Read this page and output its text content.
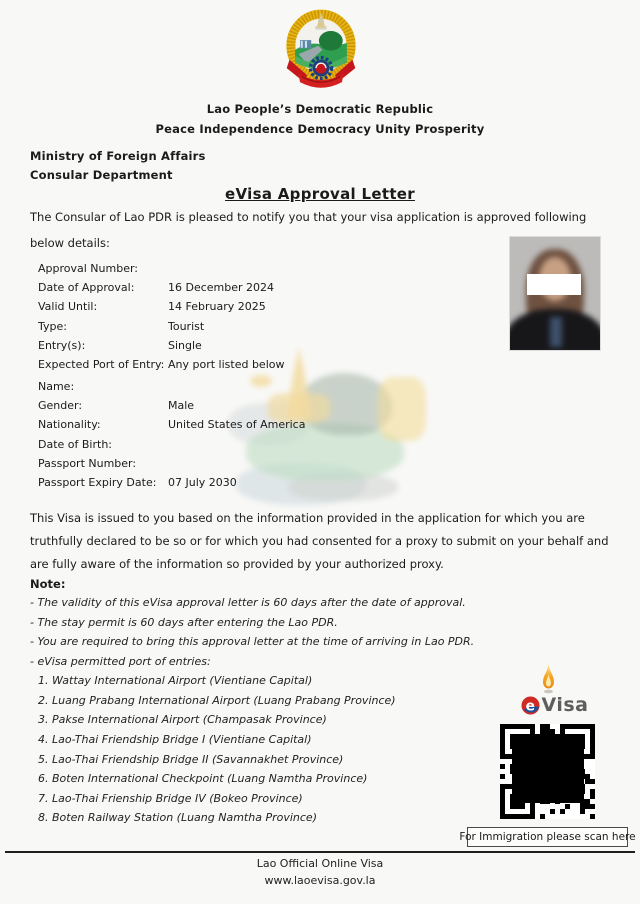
Lao People’s Democratic Republic
Peace Independence Democracy Unity Prosperity
Ministry of Foreign Affairs
Consular Department
eVisa Approval Letter
The Consular of Lao PDR is pleased to notify you that your visa application is approved following below details:
Approval Number:
Date of Approval:	16 December 2024
Valid Until:	14 February 2025
Type:	Tourist
Entry(s):	Single
Expected Port of Entry: Any port listed below
Name:
Gender:	Male
Nationality:	United States of America
Date of Birth:
Passport Number:
Passport Expiry Date:	07 July 2030
This Visa is issued to you based on the information provided in the application for which you are truthfully declared to be so or for which you had consented for a proxy to submit on your behalf and are fully aware of the information so provided by your authorized proxy.
Note:
- The validity of this eVisa approval letter is 60 days after the date of approval.
- The stay permit is 60 days after entering the Lao PDR.
- You are required to bring this approval letter at the time of arriving in Lao PDR.
- eVisa permitted port of entries:
1. Wattay International Airport (Vientiane Capital)
2. Luang Prabang International Airport (Luang Prabang Province)
3. Pakse International Airport (Champasak Province)
4. Lao-Thai Friendship Bridge I (Vientiane Capital)
5. Lao-Thai Friendship Bridge II (Savannakhet Province)
6. Boten International Checkpoint (Luang Namtha Province)
7. Lao-Thai Frienship Bridge IV (Bokeo Province)
8. Boten Railway Station (Luang Namtha Province)
e Visa
For Immigration please scan here
Lao Official Online Visa
www.laoevisa.gov.la
